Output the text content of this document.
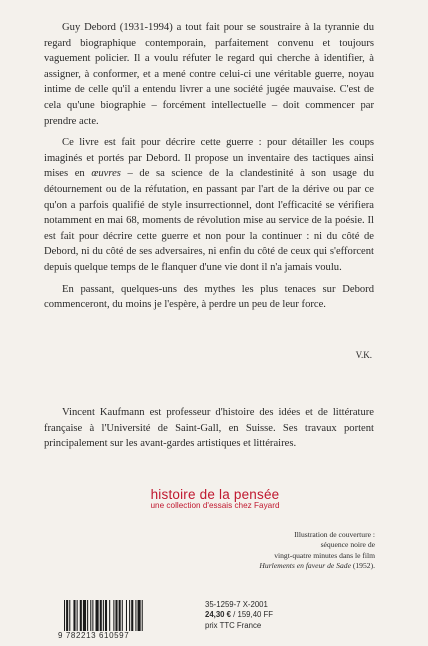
Guy Debord (1931-1994) a tout fait pour se soustraire à la tyrannie du regard biographique contemporain, parfaitement convenu et toujours vaguement policier. Il a voulu réfuter le regard qui cherche à identifier, à assigner, à conformer, et a mené contre celui-ci une véritable guerre, noyau intime de celle qu'il a entendu livrer a une société jugée mauvaise. C'est de cela qu'une biographie – forcément intellectuelle – doit commencer par prendre acte.

Ce livre est fait pour décrire cette guerre : pour détailler les coups imaginés et portés par Debord. Il propose un inventaire des tactiques ainsi mises en œuvres – de sa science de la clandestinité à son usage du détournement ou de la réfutation, en passant par l'art de la dérive ou par ce qu'on a parfois qualifié de style insurrectionnel, dont l'efficacité se vérifiera notamment en mai 68, moments de révolution mise au service de la poésie. Il est fait pour décrire cette guerre et non pour la continuer : ni du côté de Debord, ni du côté de ses adversaires, ni enfin du côté de ceux qui s'efforcent depuis quelque temps de le flanquer d'une vie dont il n'a jamais voulu.

En passant, quelques-uns des mythes les plus tenaces sur Debord commenceront, du moins je l'espère, à perdre un peu de leur force.

V.K.

Vincent Kaufmann est professeur d'histoire des idées et de littérature française à l'Université de Saint-Gall, en Suisse. Ses travaux portent principalement sur les avant-gardes artistiques et littéraires.

histoire de la pensée
une collection d'essais chez Fayard
Illustration de couverture :
séquence noire de
vingt-quatre minutes dans le film
Hurlements en faveur de Sade (1952).
9 782213 610597
35-1259-7 X-2001
24,30 € / 159,40 FF
prix TTC France
